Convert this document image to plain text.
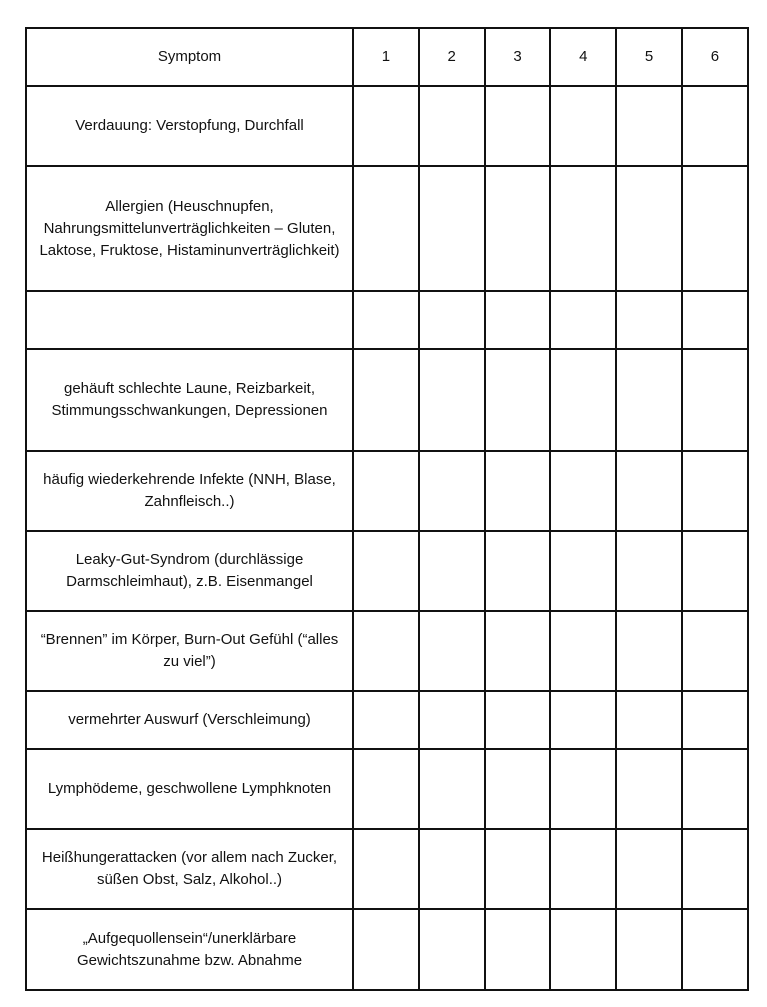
Symptom	1	2	3	4	5	6
Verdauung: Verstopfung, Durchfall						
Allergien (Heuschnupfen, Nahrungsmittelunverträglichkeiten – Gluten, Laktose, Fruktose, Histaminunverträglichkeit)						

gehäuft schlechte Laune, Reizbarkeit, Stimmungsschwankungen, Depressionen						
häufig wiederkehrende Infekte (NNH, Blase, Zahnfleisch..)						
Leaky-Gut-Syndrom (durchlässige Darmschleimhaut), z.B. Eisenmangel						
“Brennen” im Körper, Burn-Out Gefühl (“alles zu viel”)						
vermehrter Auswurf (Verschleimung)						
Lymphödeme, geschwollene Lymphknoten						
Heißhungerattacken (vor allem nach Zucker, süßen Obst, Salz, Alkohol..)						
„Aufgequollensein“/unerklärbare Gewichtszunahme bzw. Abnahme						
